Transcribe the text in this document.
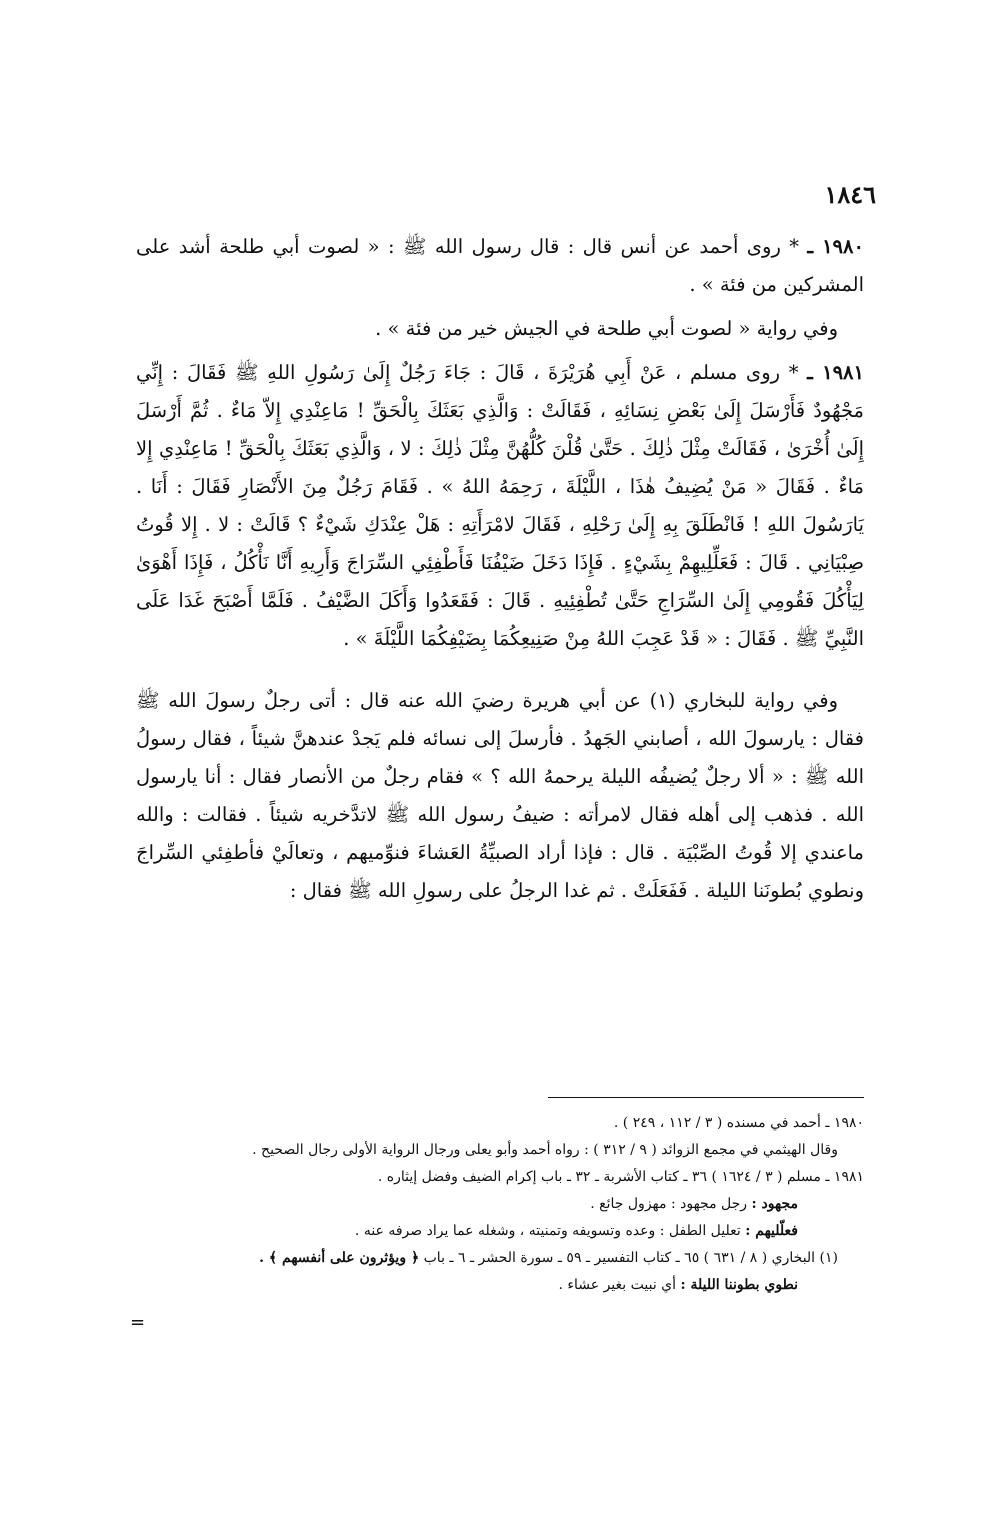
١٨٤٦

١٩٨٠ ـ * روى أحمد عن أنس قال : قال رسول الله ﷺ : « لصوت أبي طلحة أشد على المشركين من فئة » .

وفي رواية « لصوت أبي طلحة في الجيش خير من فئة » .

١٩٨١ ـ * روى مسلم ، عَنْ أَبِي هُرَيْرَةَ ، قَالَ : جَاءَ رَجُلٌ إِلَىٰ رَسُولِ اللهِ ﷺ فَقَالَ : إِنِّي مَجْهُودٌ فَأَرْسَلَ إِلَىٰ بَعْضِ نِسَائِهِ ، فَقَالَتْ : وَالَّذِي بَعَثَكَ بِالْحَقِّ ! مَاعِنْدِي إِلاّ مَاءٌ . ثُمَّ أَرْسَلَ إِلَىٰ أُخْرَىٰ ، فَقَالَتْ مِثْلَ ذٰلِكَ . حَتَّىٰ قُلْنَ كُلُّهُنَّ مِثْلَ ذٰلِكَ : لا ، وَالَّذِي بَعَثَكَ بِالْحَقِّ ! مَاعِنْدِي إِلا مَاءٌ . فَقَالَ « مَنْ يُضِيفُ هٰذَا ، اللَّيْلَةَ ، رَحِمَهُ اللهُ » . فَقَامَ رَجُلٌ مِنَ الأَنْصَارِ فَقَالَ : أَنَا . يَارَسُولَ اللهِ ! فَانْطَلَقَ بِهِ إِلَىٰ رَحْلِهِ ، فَقَالَ لامْرَأَتِهِ : هَلْ عِنْدَكِ شَيْءٌ ؟ قَالَتْ : لا . إِلا قُوتُ صِبْيَانِي . قَالَ : فَعَلِّلِيهِمْ بِشَيْءٍ . فَإِذَا دَخَلَ ضَيْفُنَا فَأَطْفِئِي السِّرَاجَ وَأَرِيهِ أَنَّا نَأْكُلُ ، فَإِذَا أَهْوَىٰ لِيَأْكُلَ فَقُومِي إِلَىٰ السِّرَاجِ حَتَّىٰ تُطْفِئِيهِ . قَالَ : فَقَعَدُوا وَأَكَلَ الضَّيْفُ . فَلَمَّا أَصْبَحَ غَدَا عَلَى النَّبِيِّ ﷺ . فَقَالَ : « قَدْ عَجِبَ اللهُ مِنْ صَنِيعِكُمَا بِضَيْفِكُمَا اللَّيْلَةَ » .

وفي رواية للبخاري (١) عن أبي هريرة رضيَ الله عنه قال : أتى رجلٌ رسولَ الله ﷺ فقال : يارسولَ الله ، أصابني الجَهدُ . فأرسلَ إلى نسائه فلم يَجدْ عندهنَّ شيئاً ، فقال رسولُ الله ﷺ : « ألا رجلٌ يُضيفُه الليلة يرحمهُ الله ؟ » فقام رجلٌ من الأنصار فقال : أنا يارسول الله . فذهب إلى أهله فقال لامرأته : ضيفُ رسول الله ﷺ لاتدَّخريه شيئاً . فقالت : والله ماعندي إلا قُوتُ الصِّبْيَة . قال : فإذا أراد الصبيِّةُ العَشاءَ فنوِّميهم ، وتعالَيْ فأطفِئي السِّراجَ ونطوي بُطونَنا الليلة . فَفَعَلَتْ . ثم غدا الرجلُ على رسولِ الله ﷺ فقال :

١٩٨٠ ـ أحمد في مسنده ( ٣ / ١١٢ ، ٢٤٩ ) .

وقال الهيثمي في مجمع الزوائد ( ٩ / ٣١٢ ) : رواه أحمد وأبو يعلى ورجال الرواية الأولى رجال الصحيح .

١٩٨١ ـ مسلم ( ٣ / ١٦٢٤ ) ٣٦ ـ كتاب الأشربة ـ ٣٢ ـ باب إكرام الضيف وفضل إيثاره .

مجهود : رجل مجهود : مهزول جائع .

فعلّليهم : تعليل الطفل : وعده وتسويفه وتمنيته ، وشغله عما يراد صرفه عنه .

(١) البخاري ( ٨ / ٦٣١ ) ٦٥ ـ كتاب التفسير ـ ٥٩ ـ سورة الحشر ـ ٦ ـ باب ﴿ ويؤثرون على أنفسهم ﴾ .

نطوي بطوننا الليلة : أي نبيت بغير عشاء .

=
